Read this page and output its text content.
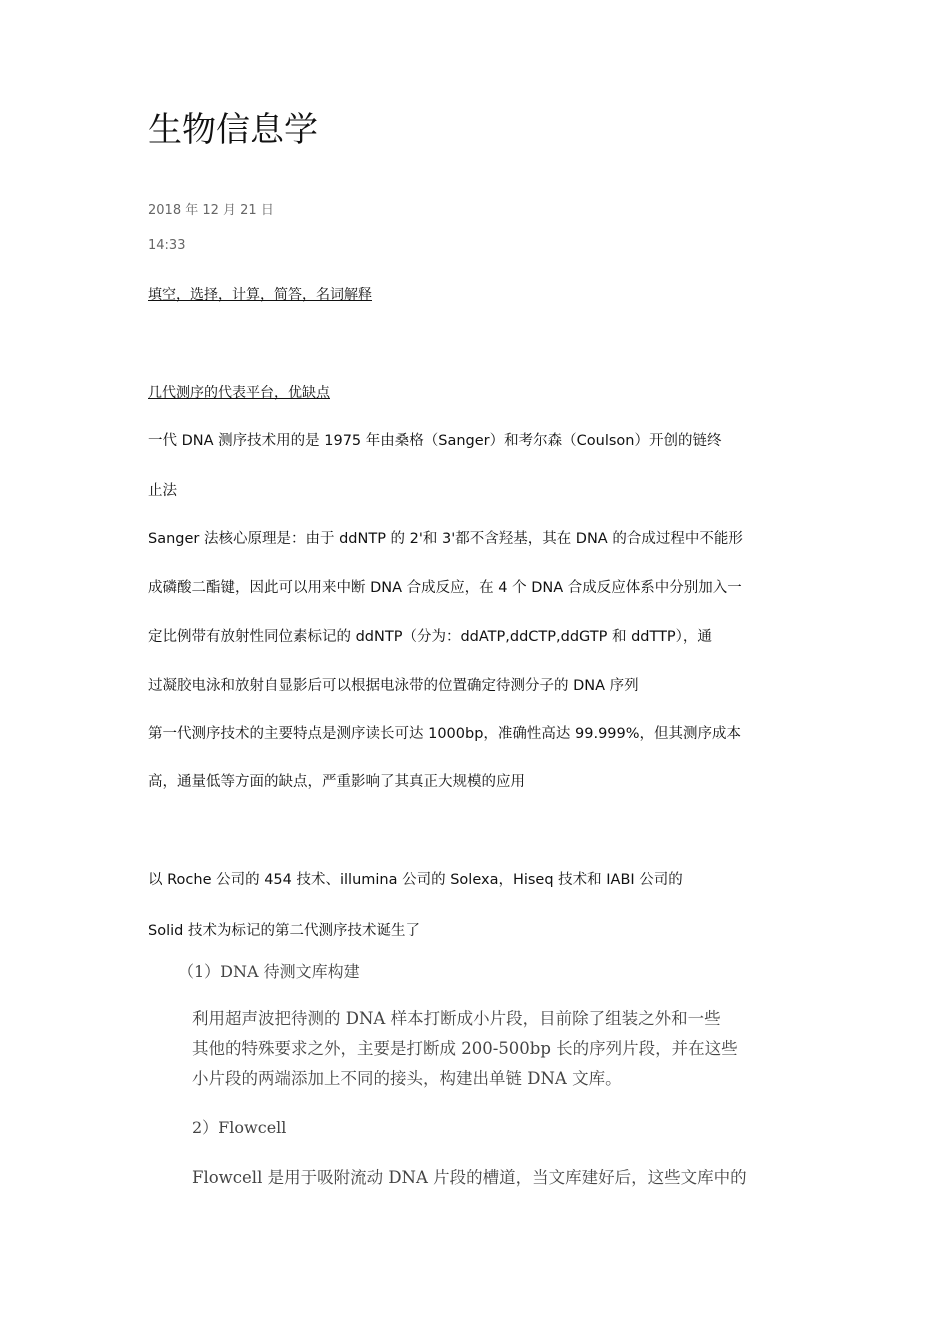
生物信息学
2018 年 12 月 21 日
14:33
填空，选择，计算，简答，名词解释
几代测序的代表平台，优缺点
一代 DNA 测序技术用的是 1975 年由桑格（Sanger）和考尔森（Coulson）开创的链终
止法
Sanger 法核心原理是：由于 ddNTP 的 2'和 3'都不含羟基，其在 DNA 的合成过程中不能形
成磷酸二酯键，因此可以用来中断 DNA 合成反应，在 4 个 DNA 合成反应体系中分别加入一
定比例带有放射性同位素标记的 ddNTP（分为：ddATP,ddCTP,ddGTP 和 ddTTP），通
过凝胶电泳和放射自显影后可以根据电泳带的位置确定待测分子的 DNA 序列
第一代测序技术的主要特点是测序读长可达 1000bp，准确性高达 99.999%，但其测序成本
高，通量低等方面的缺点，严重影响了其真正大规模的应用
以 Roche 公司的 454 技术、illumina 公司的 Solexa，Hiseq 技术和 IABI 公司的
Solid 技术为标记的第二代测序技术诞生了
（1）DNA 待测文库构建
利用超声波把待测的 DNA 样本打断成小片段，目前除了组装之外和一些
其他的特殊要求之外，主要是打断成 200-500bp 长的序列片段，并在这些
小片段的两端添加上不同的接头，构建出单链 DNA 文库。
2）Flowcell
Flowcell 是用于吸附流动 DNA 片段的槽道，当文库建好后，这些文库中的
